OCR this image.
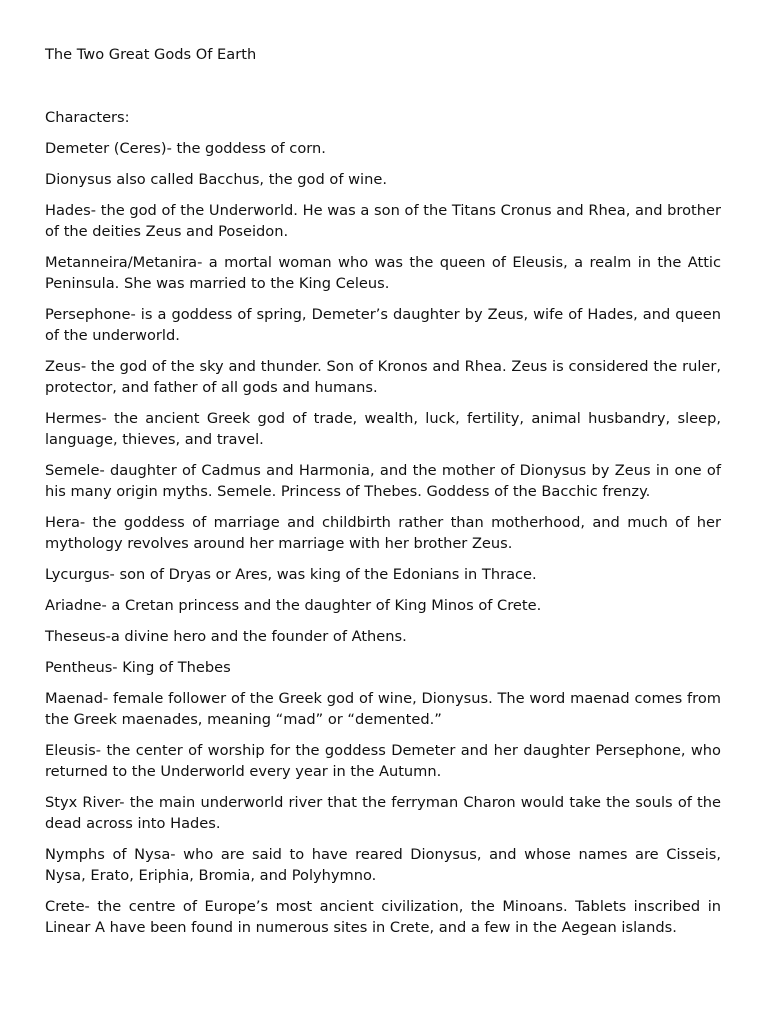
The Two Great Gods Of Earth

Characters:

Demeter (Ceres)- the goddess of corn.
Dionysus also called Bacchus, the god of wine.
Hades- the god of the Underworld. He was a son of the Titans Cronus and Rhea, and brother of the deities Zeus and Poseidon.
Metanneira/Metanira- a mortal woman who was the queen of Eleusis, a realm in the Attic Peninsula. She was married to the King Celeus.
Persephone- is a goddess of spring, Demeter’s daughter by Zeus, wife of Hades, and queen of the underworld.
Zeus- the god of the sky and thunder. Son of Kronos and Rhea. Zeus is considered the ruler, protector, and father of all gods and humans.
Hermes- the ancient Greek god of trade, wealth, luck, fertility, animal husbandry, sleep, language, thieves, and travel.
Semele- daughter of Cadmus and Harmonia, and the mother of Dionysus by Zeus in one of his many origin myths. Semele. Princess of Thebes. Goddess of the Bacchic frenzy.
Hera- the goddess of marriage and childbirth rather than motherhood, and much of her mythology revolves around her marriage with her brother Zeus.
Lycurgus- son of Dryas or Ares, was king of the Edonians in Thrace.
Ariadne- a Cretan princess and the daughter of King Minos of Crete.
Theseus-a divine hero and the founder of Athens.
Pentheus- King of Thebes
Maenad- female follower of the Greek god of wine, Dionysus. The word maenad comes from the Greek maenades, meaning “mad” or “demented.”
Eleusis- the center of worship for the goddess Demeter and her daughter Persephone, who returned to the Underworld every year in the Autumn.
Styx River- the main underworld river that the ferryman Charon would take the souls of the dead across into Hades.
Nymphs of Nysa- who are said to have reared Dionysus, and whose names are Cisseis, Nysa, Erato, Eriphia, Bromia, and Polyhymno.
Crete- the centre of Europe’s most ancient civilization, the Minoans. Tablets inscribed in Linear A have been found in numerous sites in Crete, and a few in the Aegean islands.
